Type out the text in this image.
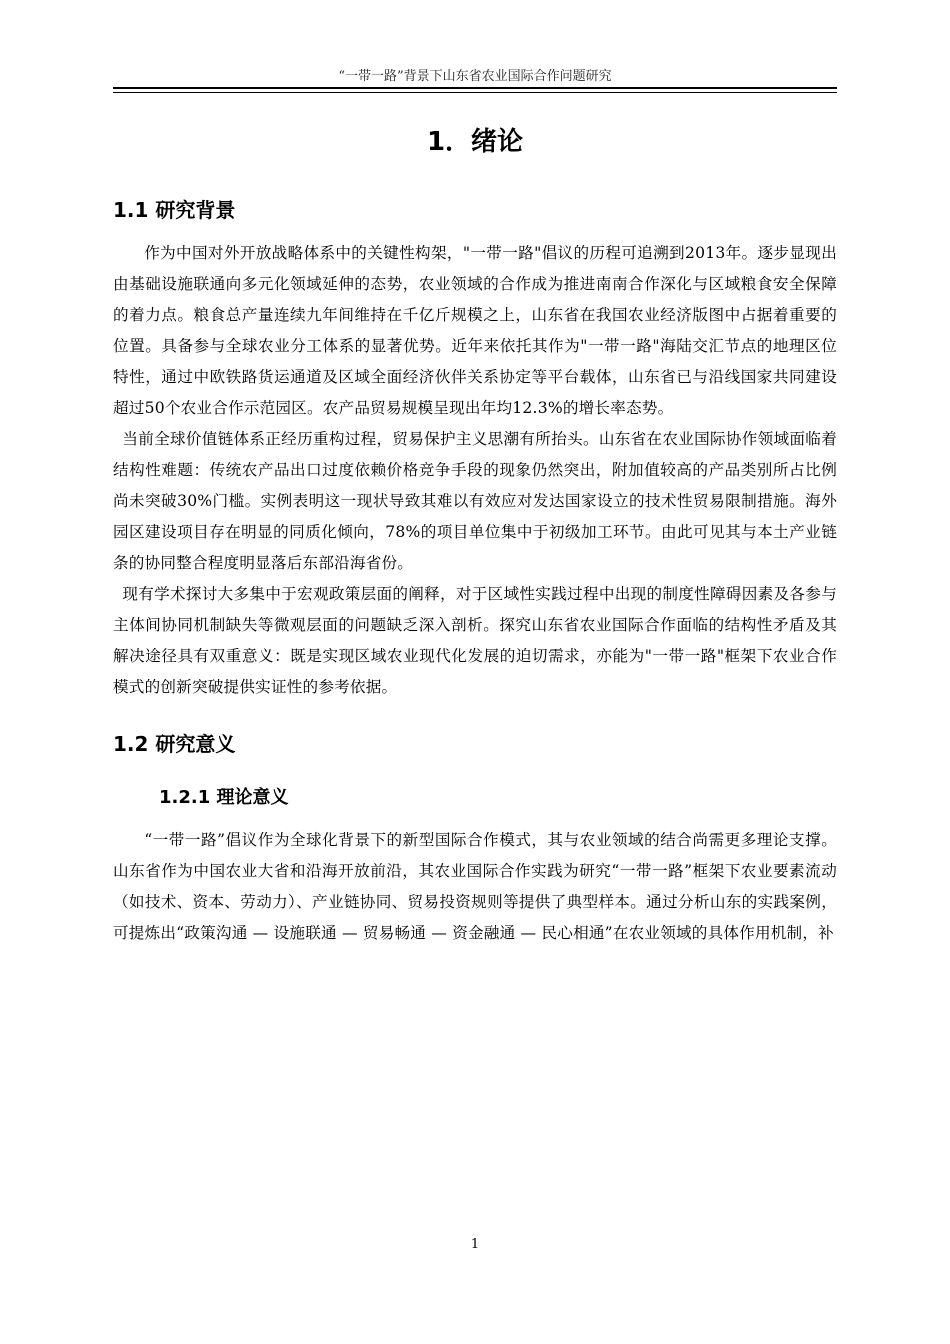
“一带一路”背景下山东省农业国际合作问题研究
1．绪论
1.1 研究背景

作为中国对外开放战略体系中的关键性构架，"一带一路"倡议的历程可追溯到2013年。逐步显现出由基础设施联通向多元化领域延伸的态势，农业领域的合作成为推进南南合作深化与区域粮食安全保障的着力点。粮食总产量连续九年间维持在千亿斤规模之上，山东省在我国农业经济版图中占据着重要的位置。具备参与全球农业分工体系的显著优势。近年来依托其作为"一带一路"海陆交汇节点的地理区位特性，通过中欧铁路货运通道及区域全面经济伙伴关系协定等平台载体，山东省已与沿线国家共同建设超过50个农业合作示范园区。农产品贸易规模呈现出年均12.3%的增长率态势。

当前全球价值链体系正经历重构过程，贸易保护主义思潮有所抬头。山东省在农业国际协作领域面临着结构性难题：传统农产品出口过度依赖价格竞争手段的现象仍然突出，附加值较高的产品类别所占比例尚未突破30%门槛。实例表明这一现状导致其难以有效应对发达国家设立的技术性贸易限制措施。海外园区建设项目存在明显的同质化倾向，78%的项目单位集中于初级加工环节。由此可见其与本土产业链条的协同整合程度明显落后东部沿海省份。

现有学术探讨大多集中于宏观政策层面的阐释，对于区域性实践过程中出现的制度性障碍因素及各参与主体间协同机制缺失等微观层面的问题缺乏深入剖析。探究山东省农业国际合作面临的结构性矛盾及其解决途径具有双重意义：既是实现区域农业现代化发展的迫切需求，亦能为"一带一路"框架下农业合作模式的创新突破提供实证性的参考依据。

1.2 研究意义
1.2.1 理论意义

“一带一路”倡议作为全球化背景下的新型国际合作模式，其与农业领域的结合尚需更多理论支撑。山东省作为中国农业大省和沿海开放前沿，其农业国际合作实践为研究“一带一路”框架下农业要素流动（如技术、资本、劳动力）、产业链协同、贸易投资规则等提供了典型样本。通过分析山东的实践案例，可提炼出“政策沟通 — 设施联通 — 贸易畅通 — 资金融通 — 民心相通”在农业领域的具体作用机制，补

1
